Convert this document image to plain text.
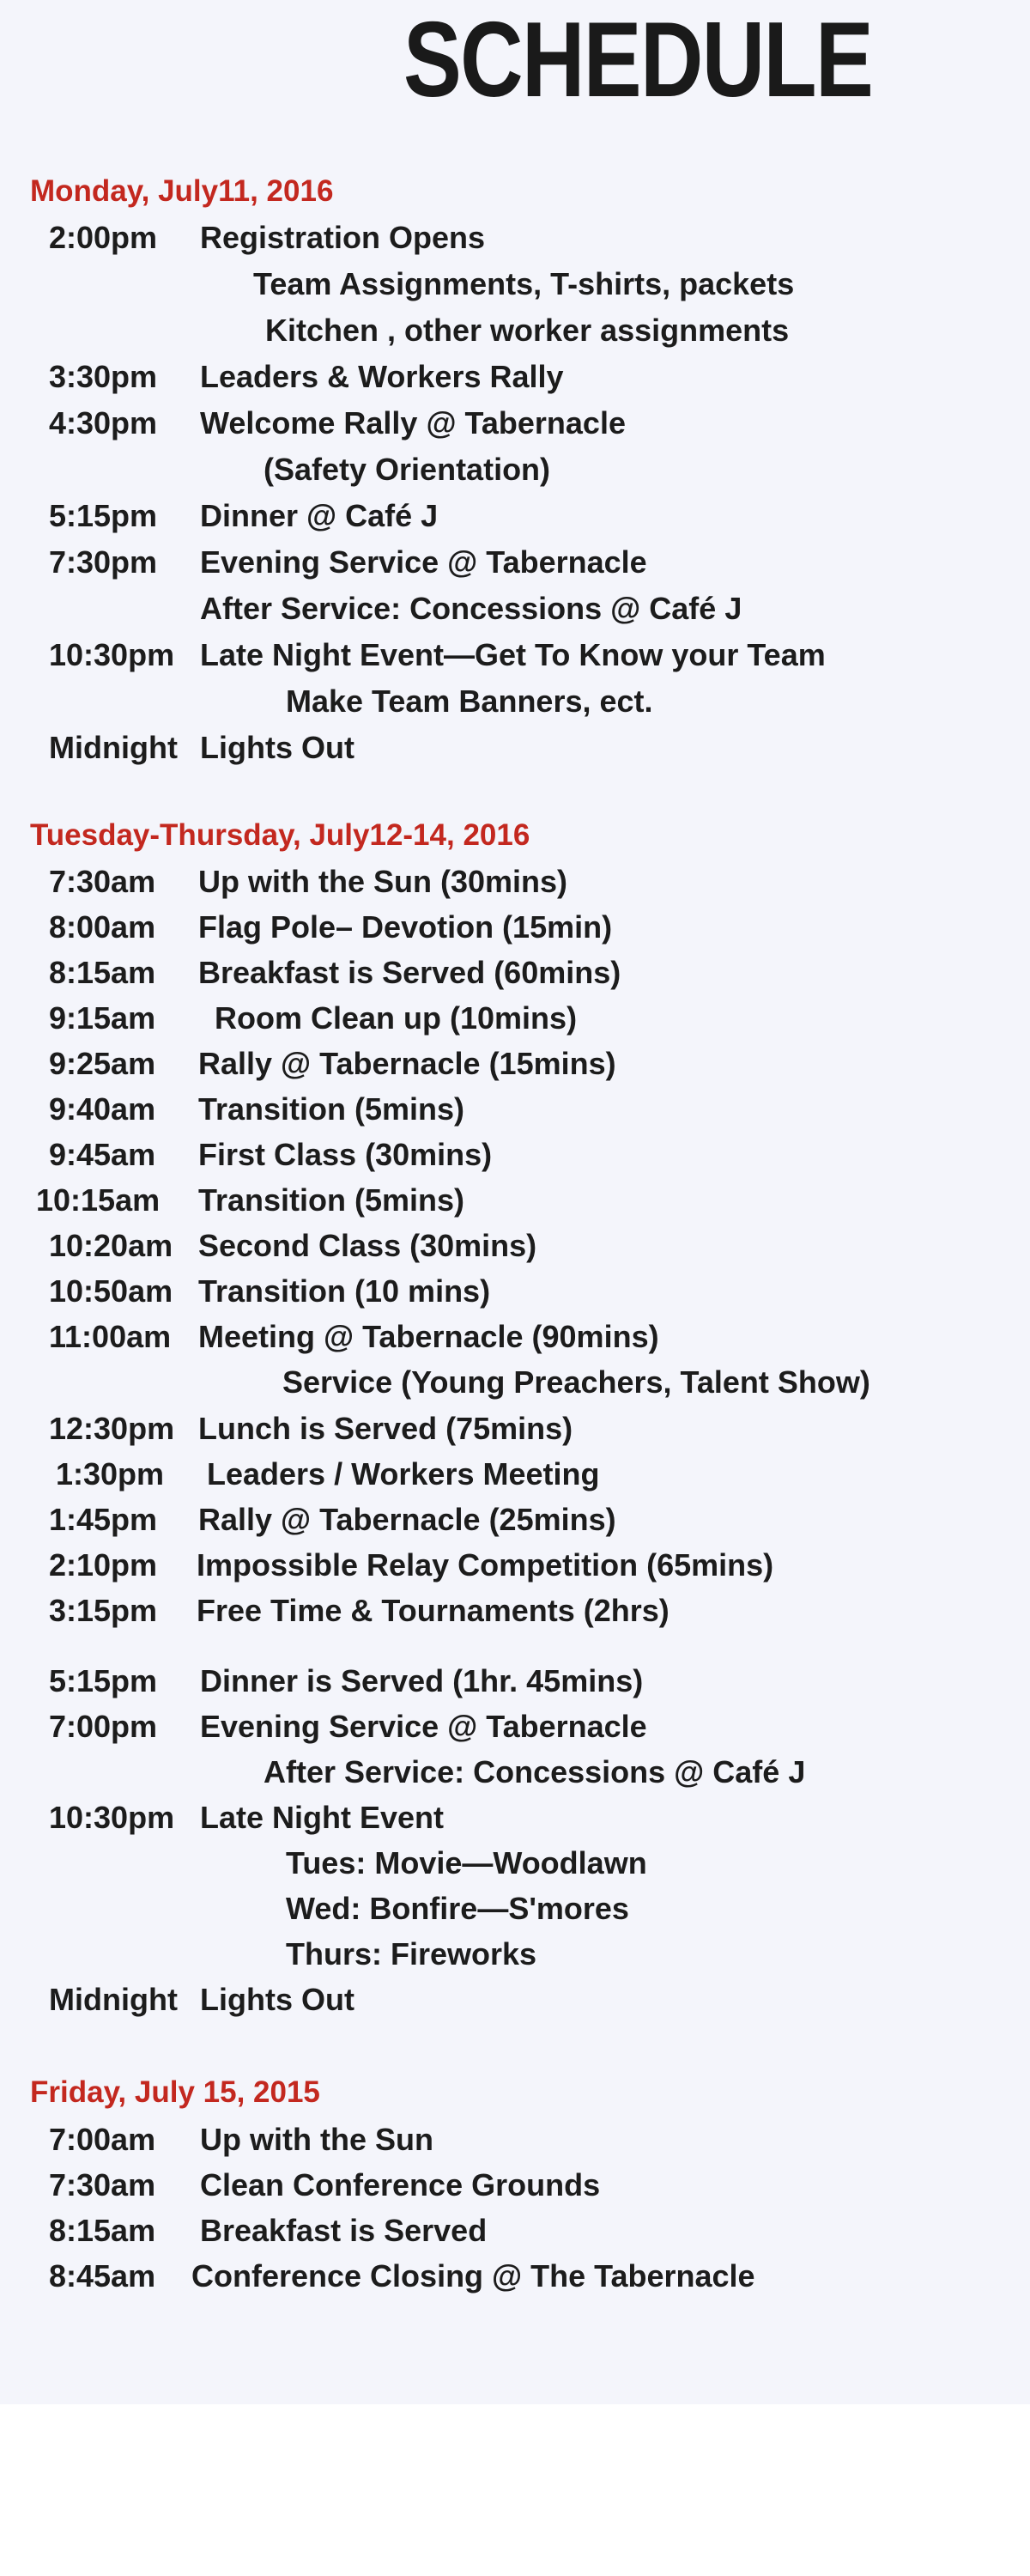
SCHEDULE
Monday, July11, 2016
2:00pm Registration Opens
Team Assignments, T-shirts, packets
Kitchen , other worker assignments
3:30pm Leaders & Workers Rally
4:30pm Welcome Rally @ Tabernacle
(Safety Orientation)
5:15pm Dinner @ Café J
7:30pm Evening Service @ Tabernacle
After Service: Concessions @ Café J
10:30pm Late Night Event—Get To Know your Team
Make Team Banners, ect.
Midnight Lights Out
Tuesday-Thursday, July12-14, 2016
7:30am Up with the Sun (30mins)
8:00am Flag Pole– Devotion (15min)
8:15am Breakfast is Served (60mins)
9:15am Room Clean up (10mins)
9:25am Rally @ Tabernacle (15mins)
9:40am Transition (5mins)
9:45am First Class (30mins)
10:15am Transition (5mins)
10:20am Second Class (30mins)
10:50am Transition (10 mins)
11:00am Meeting @ Tabernacle (90mins)
Service (Young Preachers, Talent Show)
12:30pm Lunch is Served (75mins)
1:30pm Leaders / Workers Meeting
1:45pm Rally @ Tabernacle (25mins)
2:10pm Impossible Relay Competition (65mins)
3:15pm Free Time & Tournaments (2hrs)
5:15pm Dinner is Served (1hr. 45mins)
7:00pm Evening Service @ Tabernacle
After Service: Concessions @ Café J
10:30pm Late Night Event
Tues: Movie—Woodlawn
Wed: Bonfire—S'mores
Thurs: Fireworks
Midnight Lights Out
Friday, July 15, 2015
7:00am Up with the Sun
7:30am Clean Conference Grounds
8:15am Breakfast is Served
8:45am Conference Closing @ The Tabernacle
